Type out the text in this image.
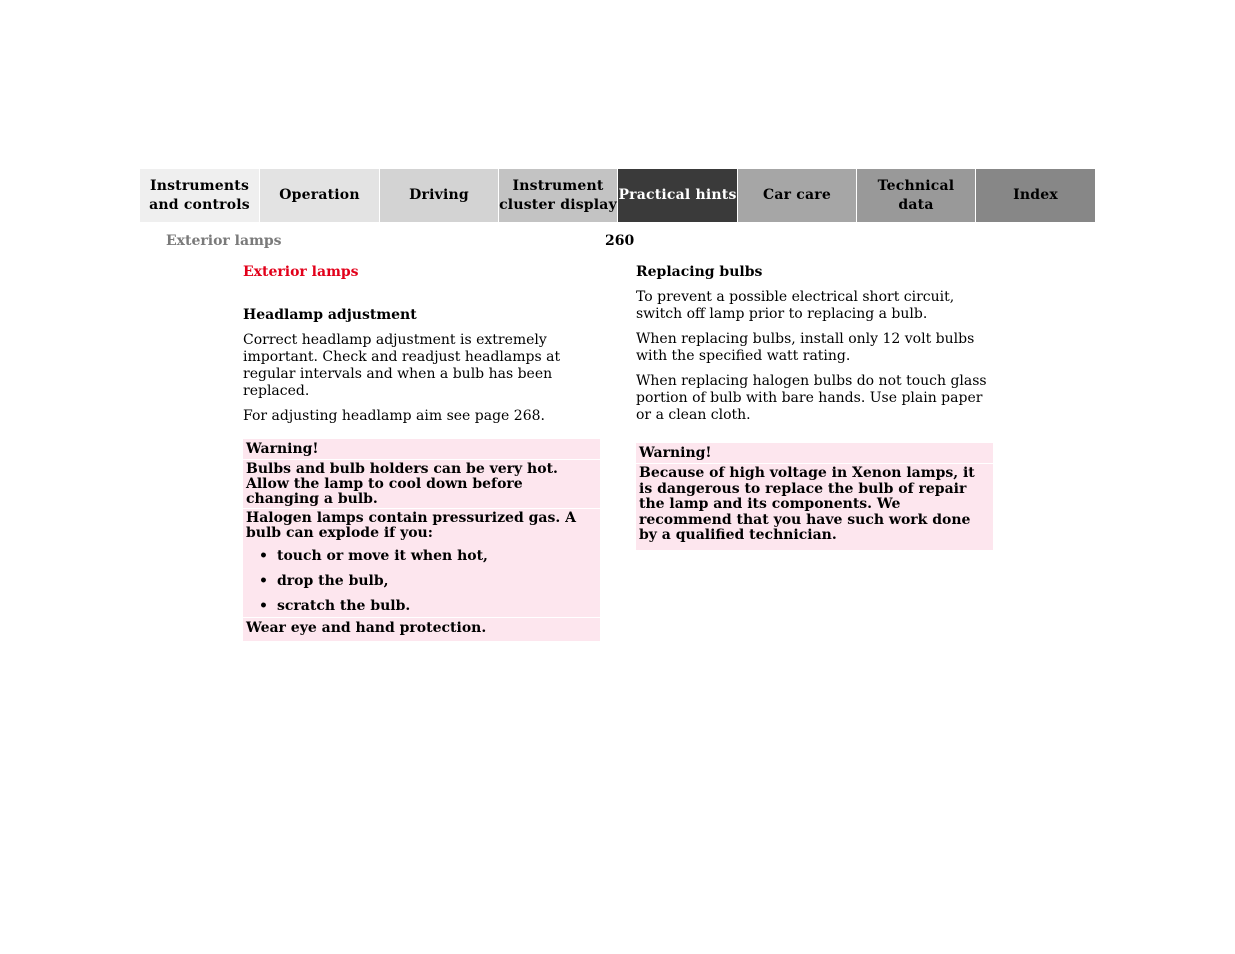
Instruments
and controls
Operation	Driving
Instrument
cluster display
Practical hints	Car care
Technical
data
Index
Exterior lamps	260
Exterior lamps
Headlamp adjustment

Correct headlamp adjustment is extremely important. Check and readjust headlamps at regular intervals and when a bulb has been replaced.

For adjusting headlamp aim see page 268.

Warning!
Bulbs and bulb holders can be very hot. Allow the lamp to cool down before changing a bulb.
Halogen lamps contain pressurized gas. A bulb can explode if you:
• touch or move it when hot,
• drop the bulb,
• scratch the bulb.
Wear eye and hand protection.
Replacing bulbs

To prevent a possible electrical short circuit, switch off lamp prior to replacing a bulb.

When replacing bulbs, install only 12 volt bulbs with the specified watt rating.

When replacing halogen bulbs do not touch glass portion of bulb with bare hands. Use plain paper or a clean cloth.

Warning!
Because of high voltage in Xenon lamps, it is dangerous to replace the bulb of repair the lamp and its components. We recommend that you have such work done by a qualified technician.
